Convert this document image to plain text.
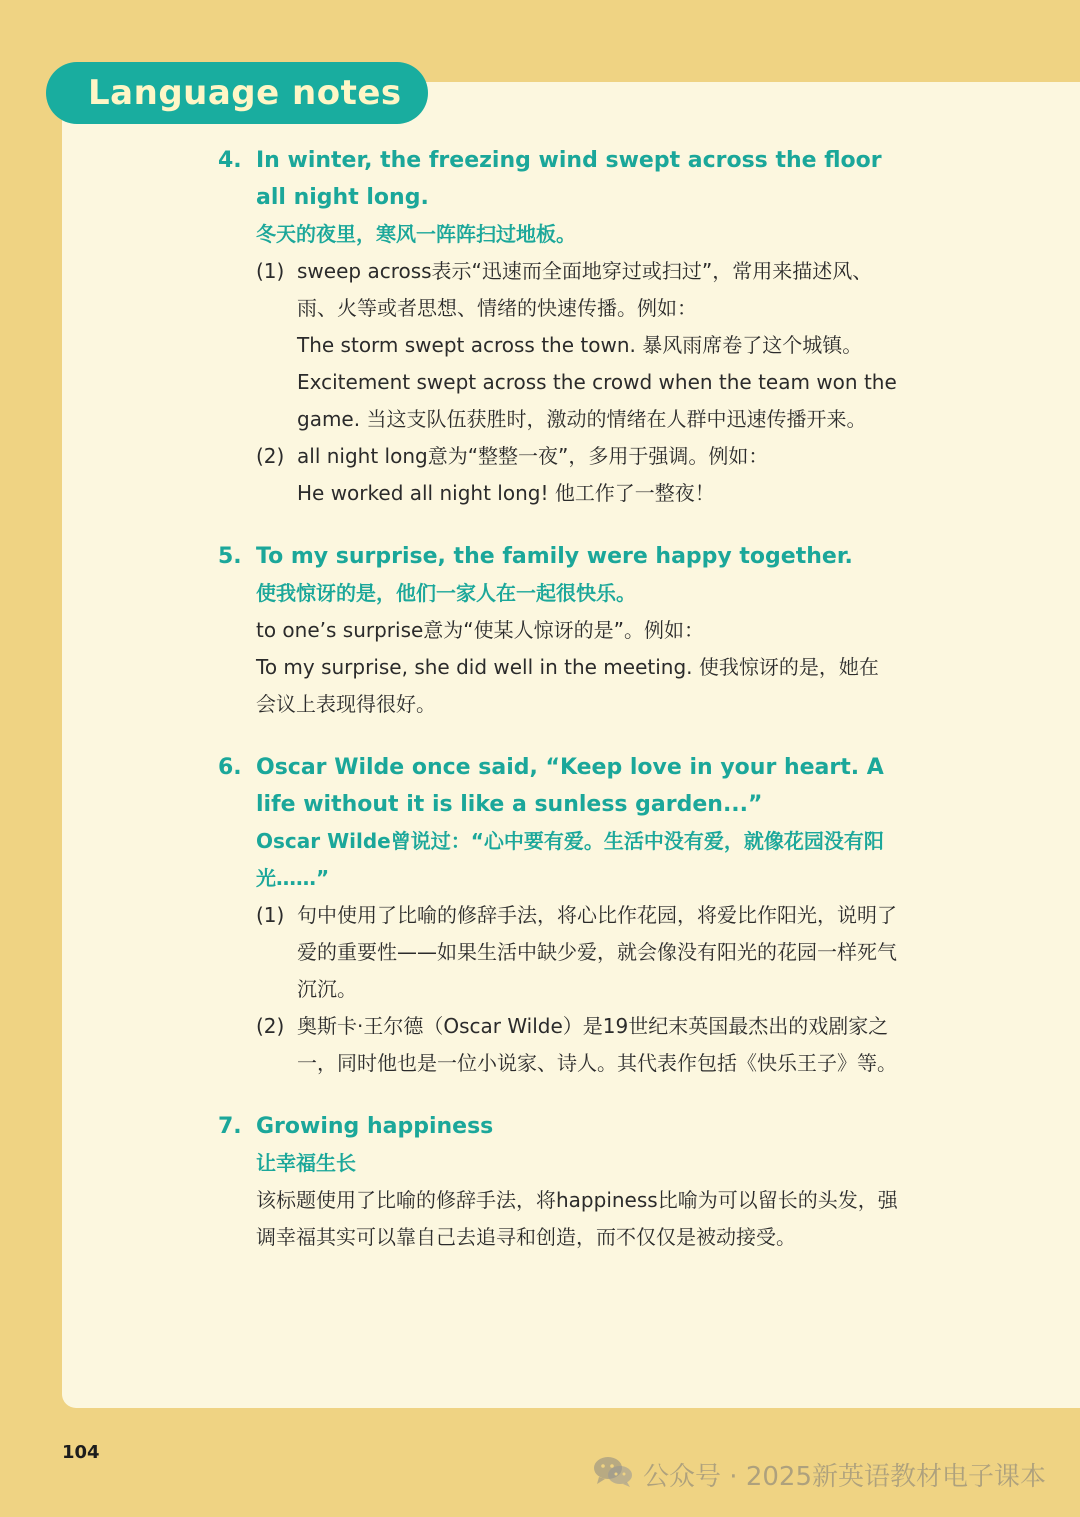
Language notes
4. In winter, the freezing wind swept across the floor all night long.
冬天的夜里，寒风一阵阵扫过地板。
(1) sweep across表示“迅速而全面地穿过或扫过”，常用来描述风、雨、火等或者思想、情绪的快速传播。例如：
The storm swept across the town. 暴风雨席卷了这个城镇。
Excitement swept across the crowd when the team won the game. 当这支队伍获胜时，激动的情绪在人群中迅速传播开来。
(2) all night long意为“整整一夜”，多用于强调。例如：
He worked all night long! 他工作了一整夜！
5. To my surprise, the family were happy together.
使我惊讶的是，他们一家人在一起很快乐。
to one’s surprise意为“使某人惊讶的是”。例如：
To my surprise, she did well in the meeting. 使我惊讶的是，她在会议上表现得很好。
6. Oscar Wilde once said, “Keep love in your heart. A life without it is like a sunless garden...”
Oscar Wilde曾说过：“心中要有爱。生活中没有爱，就像花园没有阳光……”
(1) 句中使用了比喻的修辞手法，将心比作花园，将爱比作阳光，说明了爱的重要性——如果生活中缺少爱，就会像没有阳光的花园一样死气沉沉。
(2) 奥斯卡·王尔德（Oscar Wilde）是19世纪末英国最杰出的戏剧家之一，同时他也是一位小说家、诗人。其代表作包括《快乐王子》等。
7. Growing happiness
让幸福生长
该标题使用了比喻的修辞手法，将happiness比喻为可以留长的头发，强调幸福其实可以靠自己去追寻和创造，而不仅仅是被动接受。
104
公众号 · 2025新英语教材电子课本
